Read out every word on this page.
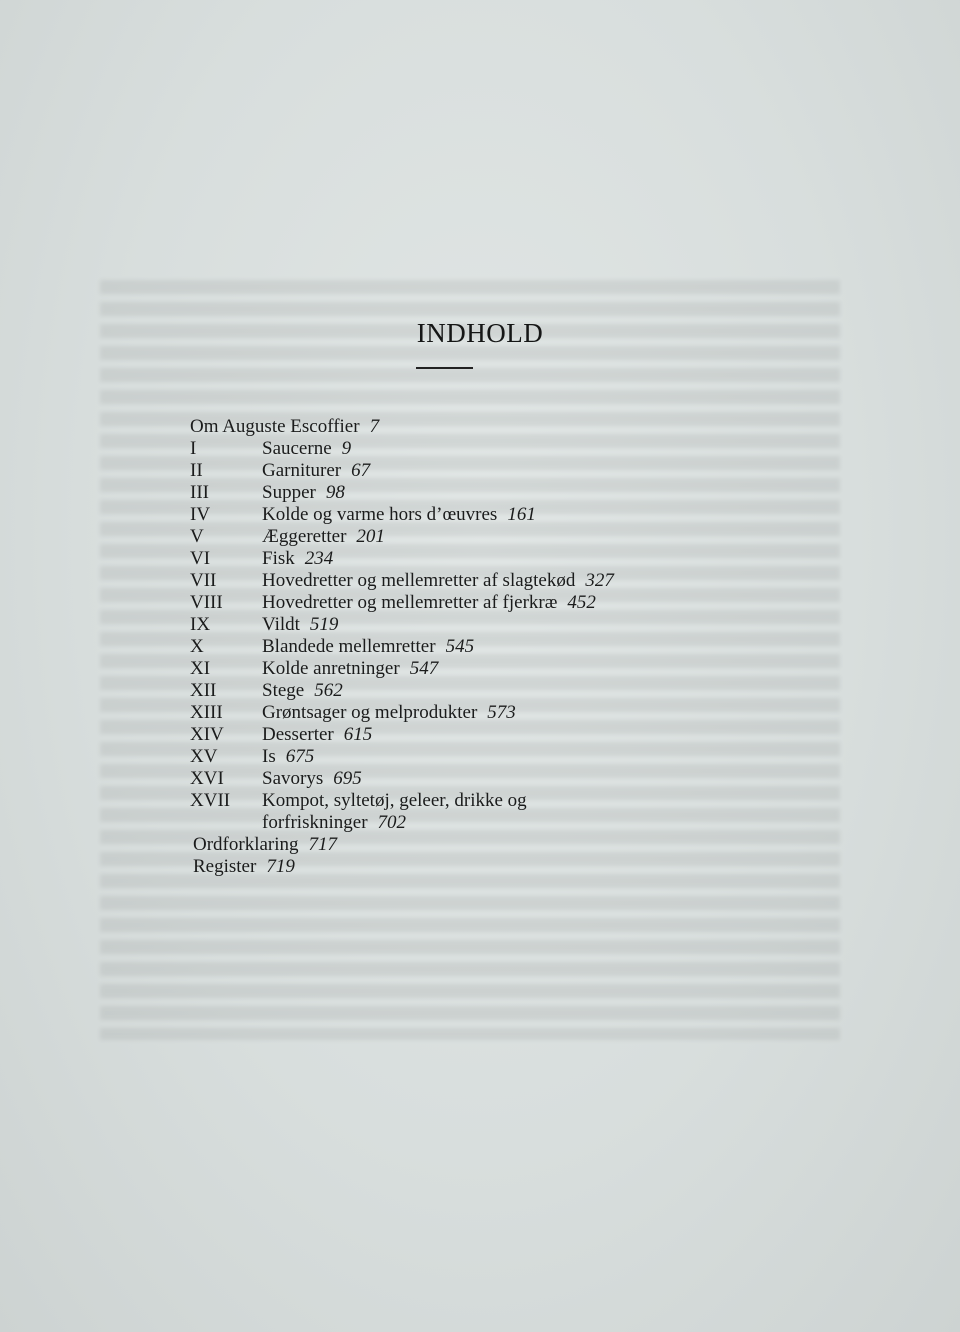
INDHOLD
Om Auguste Escoffier 7
I	Saucerne 9
II	Garniturer 67
III	Supper 98
IV	Kolde og varme hors d’œuvres 161
V	Æggeretter 201
VI	Fisk 234
VII Hovedretter og mellemretter af slagtekød 327
VIII Hovedretter og mellemretter af fjerkræ 452
IX	Vildt 519
X	Blandede mellemretter 545
XI	Kolde anretninger 547
XII Stege 562
XIII Grøntsager og melprodukter 573
XIV Desserter 615
XV Is 675
XVI Savorys 695
XVII Kompot, syltetøj, geleer, drikke og forfriskninger 702
Ordforklaring 717
Register 719
